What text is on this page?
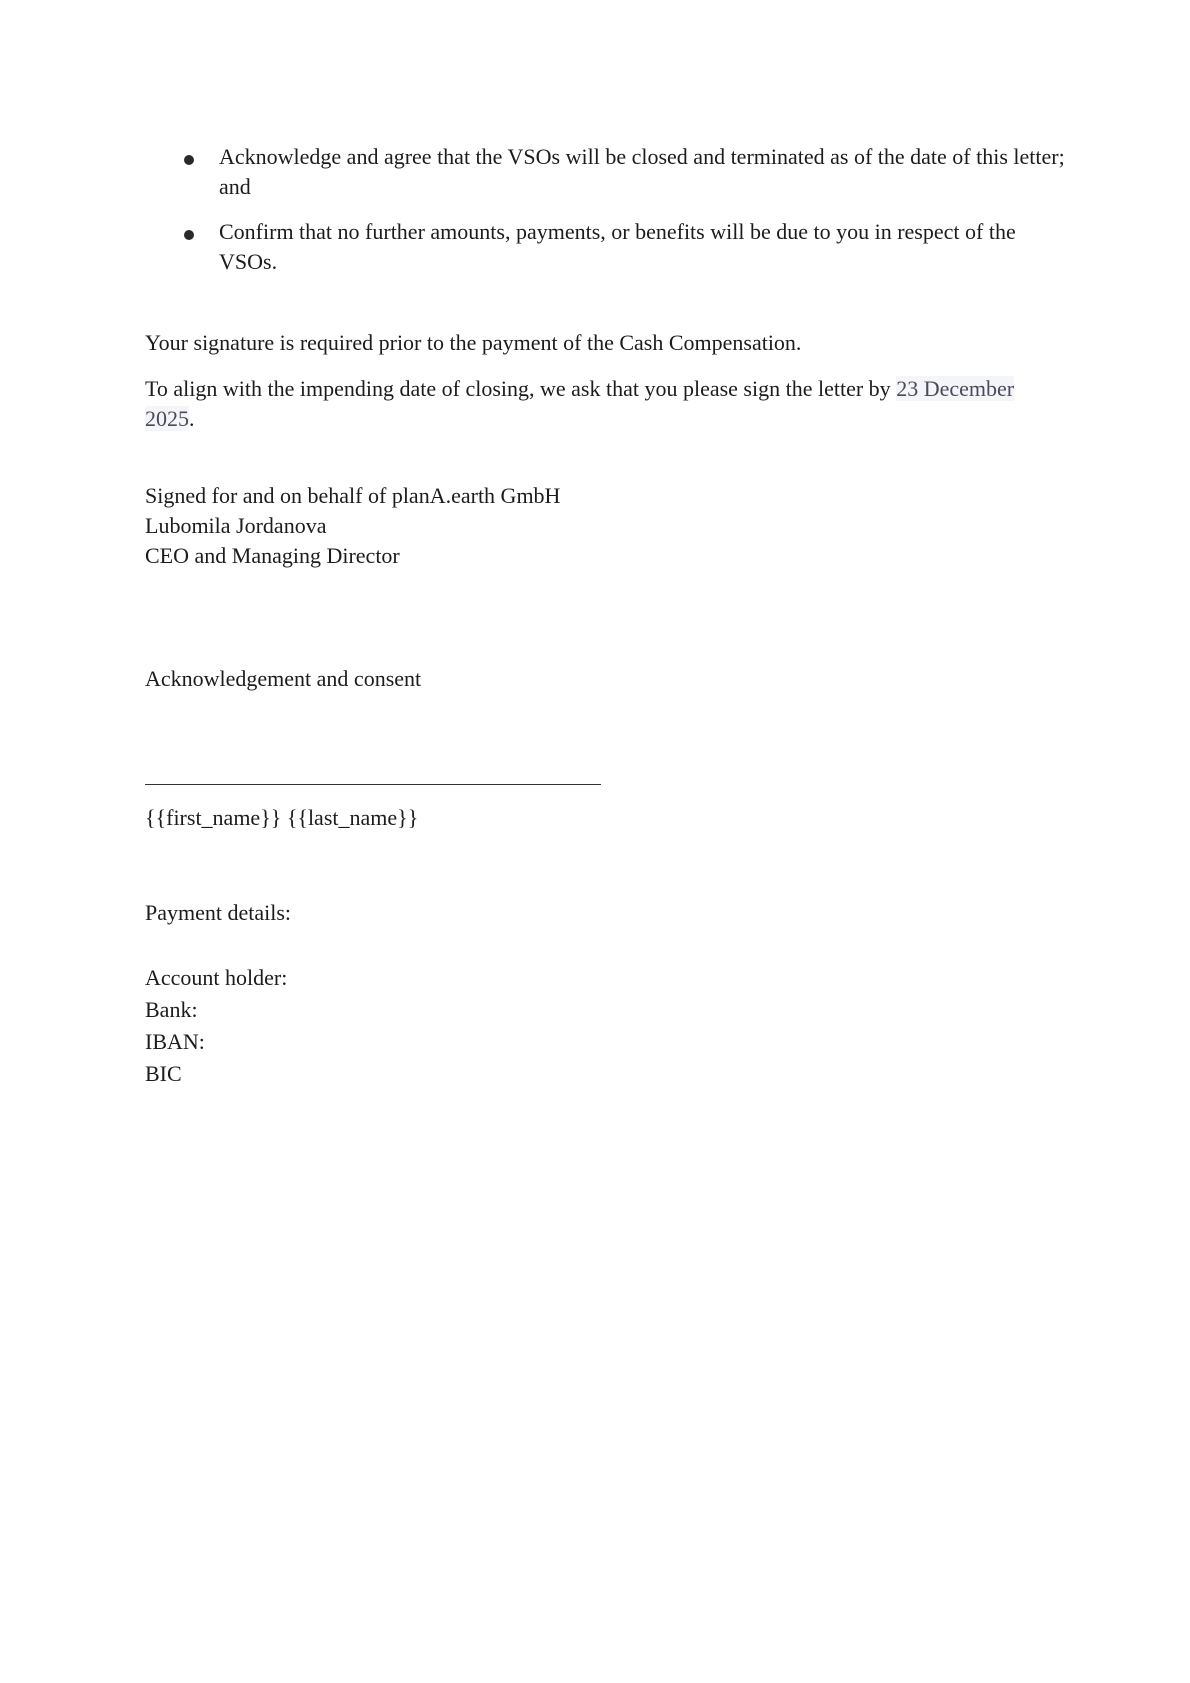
Acknowledge and agree that the VSOs will be closed and terminated as of the date of this letter; and
Confirm that no further amounts, payments, or benefits will be due to you in respect of the VSOs.

Your signature is required prior to the payment of the Cash Compensation.

To align with the impending date of closing, we ask that you please sign the letter by 23 December 2025.

Signed for and on behalf of planA.earth GmbH
Lubomila Jordanova
CEO and Managing Director

Acknowledgement and consent

{{first_name}} {{last_name}}

Payment details:

Account holder:
Bank:
IBAN:
BIC
